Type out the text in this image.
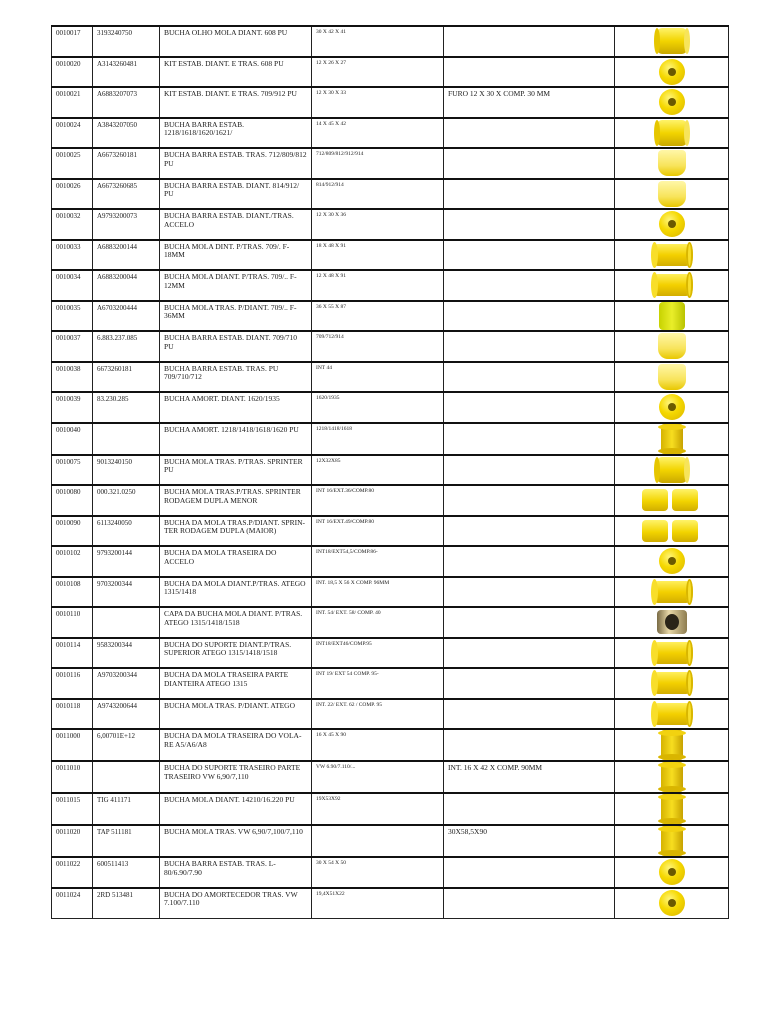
0010017	3193240750	BUCHA OLHO MOLA DIANT. 608 PU	30 X 42 X 41		
0010020	A3143260481	KIT ESTAB. DIANT. E TRAS. 608 PU	12 X 26 X 27		
0010021	A6883207073	KIT ESTAB. DIANT. E TRAS. 709/912 PU	12 X 30 X 33	FURO 12 X 30 X COMP. 30 MM	
0010024	A3843207050	BUCHA BARRA ESTAB. 1218/1618/1620/1621/	14 X 45 X 42		
0010025	A6673260181	BUCHA BARRA ESTAB. TRAS. 712/809/812 PU	712/809/812/912/914		
0010026	A6673260685	BUCHA BARRA ESTAB. DIANT. 814/912/ PU	814/912/914		
0010032	A9793200073	BUCHA BARRA ESTAB. DIANT./TRAS. ACCELO	12 X 30 X 36		
0010033	A6883200144	BUCHA MOLA DINT. P/TRAS. 709/. F-18MM	18 X 48 X 91		
0010034	A6883200044	BUCHA MOLA DIANT. P/TRAS. 709/.. F-12MM	12 X 48 X 91		
0010035	A6703200444	BUCHA MOLA TRAS. P/DIANT. 709/.. F-36MM	36 X 55 X 87		
0010037	6.883.237.085	BUCHA BARRA ESTAB. DIANT. 709/710 PU	709/712/914		
0010038	6673260181	BUCHA BARRA ESTAB. TRAS. PU 709/710/712	INT 44		
0010039	83.230.285	BUCHA AMORT. DIANT. 1620/1935	1620/1935		
0010040		BUCHA AMORT. 1218/1418/1618/1620 PU	1218/1418/1618		
0010075	9013240150	BUCHA MOLA TRAS. P/TRAS. SPRINTER PU	12X32X85		
0010080	000.321.0250	BUCHA MOLA TRAS.P/TRAS. SPRINTER RODAGEM DUPLA MENOR	INT 16/EXT.36/COMP.80		
0010090	6113240050	BUCHA DA MOLA TRAS.P/DIANT. SPRIN-TER RODAGEM DUPLA (MAIOR)	INT 16/EXT.49/COMP.80		
0010102	9793200144	BUCHA DA MOLA TRASEIRA DO ACCELO	INT18/EXT54,5/COMP.86-		
0010108	9703200344	BUCHA DA MOLA DIANT.P/TRAS. ATEGO 1315/1418	INT. 18,5 X 56 X COMP. 96MM		
0010110		CAPA DA BUCHA MOLA DIANT. P/TRAS. ATEGO 1315/1418/1518	INT. 54/ EXT. 58/ COMP. 40		
0010114	9583200344	BUCHA DO SUPORTE DIANT.P/TRAS. SUPERIOR ATEGO 1315/1418/1518	INT18/EXT46/COMP.95		
0010116	A9703200344	BUCHA DA MOLA TRASEIRA PARTE DIANTEIRA ATEGO 1315	INT 19/ EXT 54 COMP. 95-		
0010118	A9743200644	BUCHA MOLA TRAS. P/DIANT. ATEGO	INT. 22/ EXT. 62 / COMP. 95		
0011000	6,00701E+12	BUCHA DA MOLA TRASEIRA DO VOLA-RE A5/A6/A8	16 X 45 X 90		
0011010		BUCHA DO SUPORTE TRASEIRO PARTE TRASEIRO VW 6,90/7,110	VW 6.90/7.110/...	INT. 16 X 42 X COMP. 90MM	
0011015	TIG 411171	BUCHA MOLA DIANT. 14210/16.220 PU	19X53X92		
0011020	TAP 511181	BUCHA MOLA TRAS. VW 6,90/7,100/7,110		30X58,5X90	
0011022	600511413	BUCHA BARRA ESTAB. TRAS. L-80/6.90/7.90	30 X 54 X 50		
0011024	2RD 513481	BUCHA DO AMORTECEDOR TRAS. VW 7.100/7.110	19,4X51X22		
